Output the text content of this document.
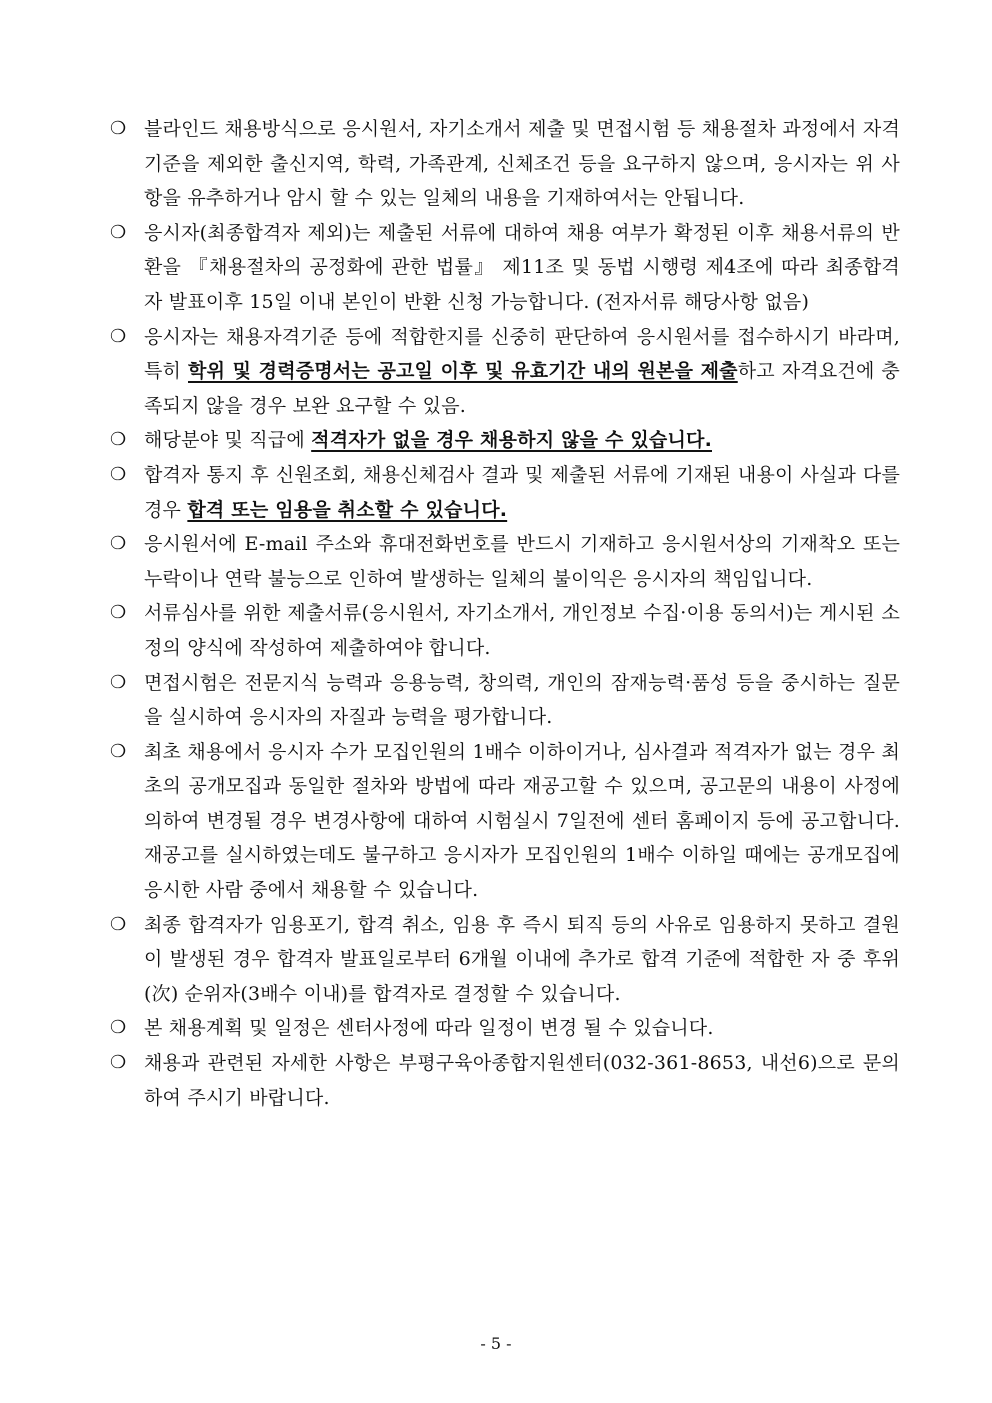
❍ 블라인드 채용방식으로 응시원서, 자기소개서 제출 및 면접시험 등 채용절차 과정에서 자격기준을 제외한 출신지역, 학력, 가족관계, 신체조건 등을 요구하지 않으며, 응시자는 위 사항을 유추하거나 암시 할 수 있는 일체의 내용을 기재하여서는 안됩니다.
❍ 응시자(최종합격자 제외)는 제출된 서류에 대하여 채용 여부가 확정된 이후 채용서류의 반환을 『채용절차의 공정화에 관한 법률』 제11조 및 동법 시행령 제4조에 따라 최종합격자 발표이후 15일 이내 본인이 반환 신청 가능합니다. (전자서류 해당사항 없음)
❍ 응시자는 채용자격기준 등에 적합한지를 신중히 판단하여 응시원서를 접수하시기 바라며, 특히 학위 및 경력증명서는 공고일 이후 및 유효기간 내의 원본을 제출하고 자격요건에 충족되지 않을 경우 보완 요구할 수 있음.
❍ 해당분야 및 직급에 적격자가 없을 경우 채용하지 않을 수 있습니다.
❍ 합격자 통지 후 신원조회, 채용신체검사 결과 및 제출된 서류에 기재된 내용이 사실과 다를 경우 합격 또는 임용을 취소할 수 있습니다.
❍ 응시원서에 E-mail 주소와 휴대전화번호를 반드시 기재하고 응시원서상의 기재착오 또는 누락이나 연락 불능으로 인하여 발생하는 일체의 불이익은 응시자의 책임입니다.
❍ 서류심사를 위한 제출서류(응시원서, 자기소개서, 개인정보 수집·이용 동의서)는 게시된 소정의 양식에 작성하여 제출하여야 합니다.
❍ 면접시험은 전문지식 능력과 응용능력, 창의력, 개인의 잠재능력·품성 등을 중시하는 질문을 실시하여 응시자의 자질과 능력을 평가합니다.
❍ 최초 채용에서 응시자 수가 모집인원의 1배수 이하이거나, 심사결과 적격자가 없는 경우 최초의 공개모집과 동일한 절차와 방법에 따라 재공고할 수 있으며, 공고문의 내용이 사정에 의하여 변경될 경우 변경사항에 대하여 시험실시 7일전에 센터 홈페이지 등에 공고합니다. 재공고를 실시하였는데도 불구하고 응시자가 모집인원의 1배수 이하일 때에는 공개모집에 응시한 사람 중에서 채용할 수 있습니다.
❍ 최종 합격자가 임용포기, 합격 취소, 임용 후 즉시 퇴직 등의 사유로 임용하지 못하고 결원이 발생된 경우 합격자 발표일로부터 6개월 이내에 추가로 합격 기준에 적합한 자 중 후위(次) 순위자(3배수 이내)를 합격자로 결정할 수 있습니다.
❍ 본 채용계획 및 일정은 센터사정에 따라 일정이 변경 될 수 있습니다.
❍ 채용과 관련된 자세한 사항은 부평구육아종합지원센터(032-361-8653, 내선6)으로 문의하여 주시기 바랍니다.
- 5 -
